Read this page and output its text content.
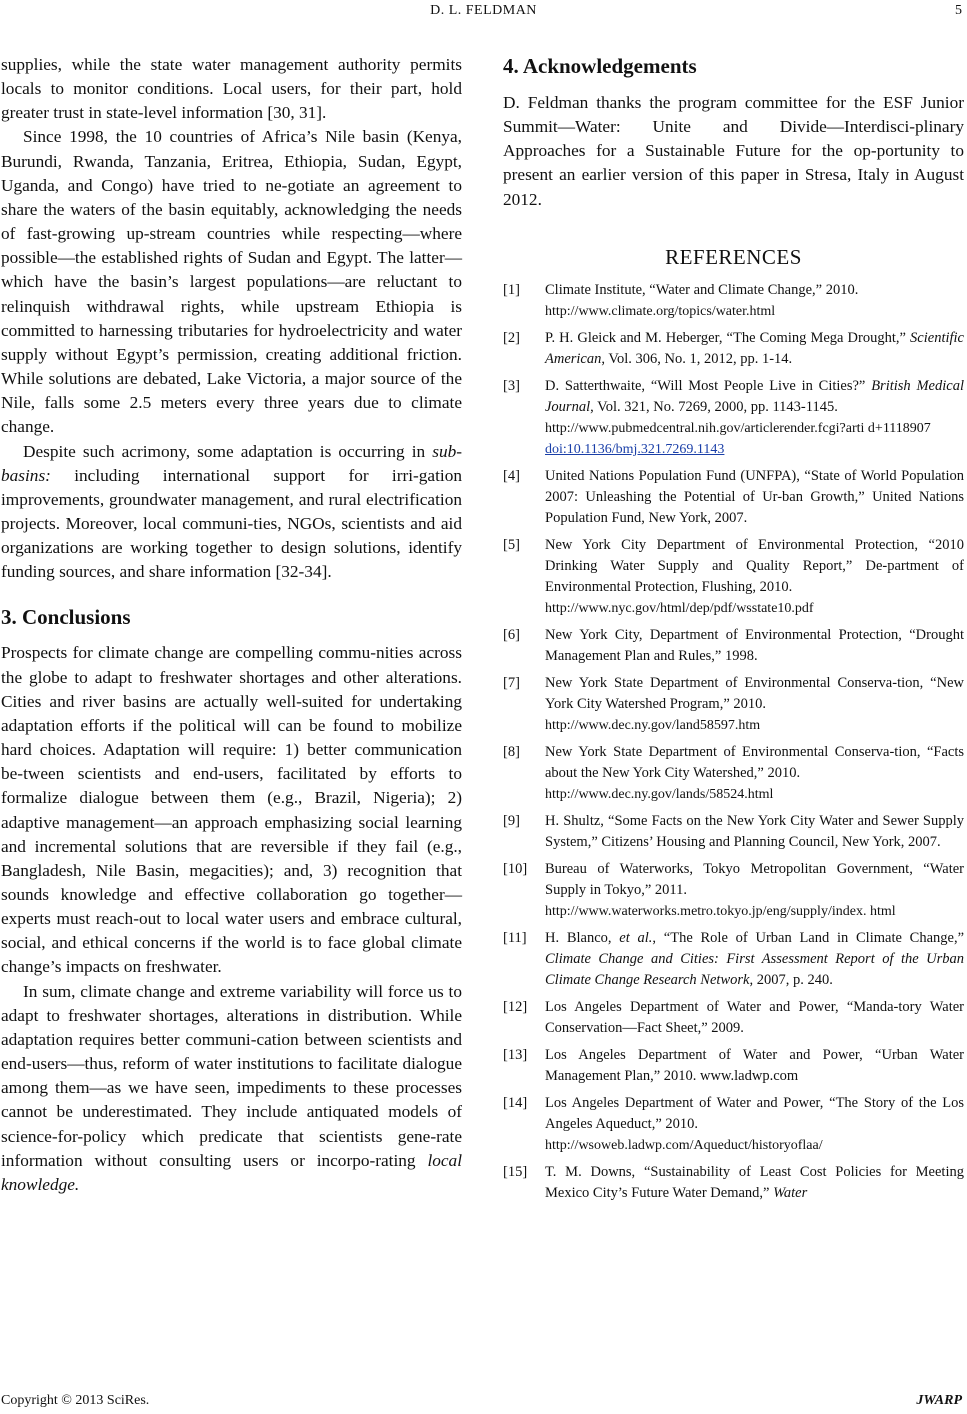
D. L. FELDMAN	5

supplies, while the state water management authority permits locals to monitor conditions. Local users, for their part, hold greater trust in state-level information [30, 31].

Since 1998, the 10 countries of Africa’s Nile basin (Kenya, Burundi, Rwanda, Tanzania, Eritrea, Ethiopia, Sudan, Egypt, Uganda, and Congo) have tried to ne-gotiate an agreement to share the waters of the basin equitably, acknowledging the needs of fast-growing up-stream countries while respecting—where possible—the established rights of Sudan and Egypt. The latter—which have the basin’s largest populations—are reluctant to relinquish withdrawal rights, while upstream Ethiopia is committed to harnessing tributaries for hydroelectricity and water supply without Egypt’s permission, creating additional friction. While solutions are debated, Lake Victoria, a major source of the Nile, falls some 2.5 meters every three years due to climate change.

Despite such acrimony, some adaptation is occurring in sub-basins: including international support for irri-gation improvements, groundwater management, and rural electrification projects. Moreover, local communi-ties, NGOs, scientists and aid organizations are working together to design solutions, identify funding sources, and share information [32-34].

3. Conclusions

Prospects for climate change are compelling commu-nities across the globe to adapt to freshwater shortages and other alterations. Cities and river basins are actually well-suited for undertaking adaptation efforts if the political will can be found to mobilize hard choices. Adaptation will require: 1) better communication be-tween scientists and end-users, facilitated by efforts to formalize dialogue between them (e.g., Brazil, Nigeria); 2) adaptive management—an approach emphasizing social learning and incremental solutions that are reversible if they fail (e.g., Bangladesh, Nile Basin, megacities); and, 3) recognition that sounds knowledge and effective collaboration go together—experts must reach-out to local water users and embrace cultural, social, and ethical concerns if the world is to face global climate change’s impacts on freshwater.

In sum, climate change and extreme variability will force us to adapt to freshwater shortages, alterations in distribution. While adaptation requires better communi-cation between scientists and end-users—thus, reform of water institutions to facilitate dialogue among them—as we have seen, impediments to these processes cannot be underestimated. They include antiquated models of science-for-policy which predicate that scientists gene-rate information without consulting users or incorpo-rating local knowledge.

4. Acknowledgements

D. Feldman thanks the program committee for the ESF Junior Summit—Water: Unite and Divide—Interdisci-plinary Approaches for a Sustainable Future for the op-portunity to present an earlier version of this paper in Stresa, Italy in August 2012.

REFERENCES
[1]	Climate Institute, “Water and Climate Change,” 2010.
http://www.climate.org/topics/water.html
[2]	P. H. Gleick and M. Heberger, “The Coming Mega Drought,” Scientific American, Vol. 306, No. 1, 2012, pp. 1-14.
[3]	D. Satterthwaite, “Will Most People Live in Cities?” British Medical Journal, Vol. 321, No. 7269, 2000, pp. 1143-1145.
http://www.pubmedcentral.nih.gov/articlerender.fcgi?arti d+1118907
doi:10.1136/bmj.321.7269.1143
[4]	United Nations Population Fund (UNFPA), “State of World Population 2007: Unleashing the Potential of Ur-ban Growth,” United Nations Population Fund, New York, 2007.
[5]	New York City Department of Environmental Protection, “2010 Drinking Water Supply and Quality Report,” De-partment of Environmental Protection, Flushing, 2010.
http://www.nyc.gov/html/dep/pdf/wsstate10.pdf
[6]	New York City, Department of Environmental Protection, “Drought Management Plan and Rules,” 1998.
[7]	New York State Department of Environmental Conserva-tion, “New York City Watershed Program,” 2010.
http://www.dec.ny.gov/land58597.htm
[8]	New York State Department of Environmental Conserva-tion, “Facts about the New York City Watershed,” 2010.
http://www.dec.ny.gov/lands/58524.html
[9]	H. Shultz, “Some Facts on the New York City Water and Sewer Supply System,” Citizens’ Housing and Planning Council, New York, 2007.
[10]	Bureau of Waterworks, Tokyo Metropolitan Government, “Water Supply in Tokyo,” 2011.
http://www.waterworks.metro.tokyo.jp/eng/supply/index. html
[11]	H. Blanco, et al., “The Role of Urban Land in Climate Change,” Climate Change and Cities: First Assessment Report of the Urban Climate Change Research Network, 2007, p. 240.
[12]	Los Angeles Department of Water and Power, “Manda-tory Water Conservation—Fact Sheet,” 2009.
[13]	Los Angeles Department of Water and Power, “Urban Water Management Plan,” 2010. www.ladwp.com
[14]	Los Angeles Department of Water and Power, “The Story of the Los Angeles Aqueduct,” 2010.
http://wsoweb.ladwp.com/Aqueduct/historyoflaa/
[15]	T. M. Downs, “Sustainability of Least Cost Policies for Meeting Mexico City’s Future Water Demand,” Water
Copyright © 2013 SciRes.	JWARP
